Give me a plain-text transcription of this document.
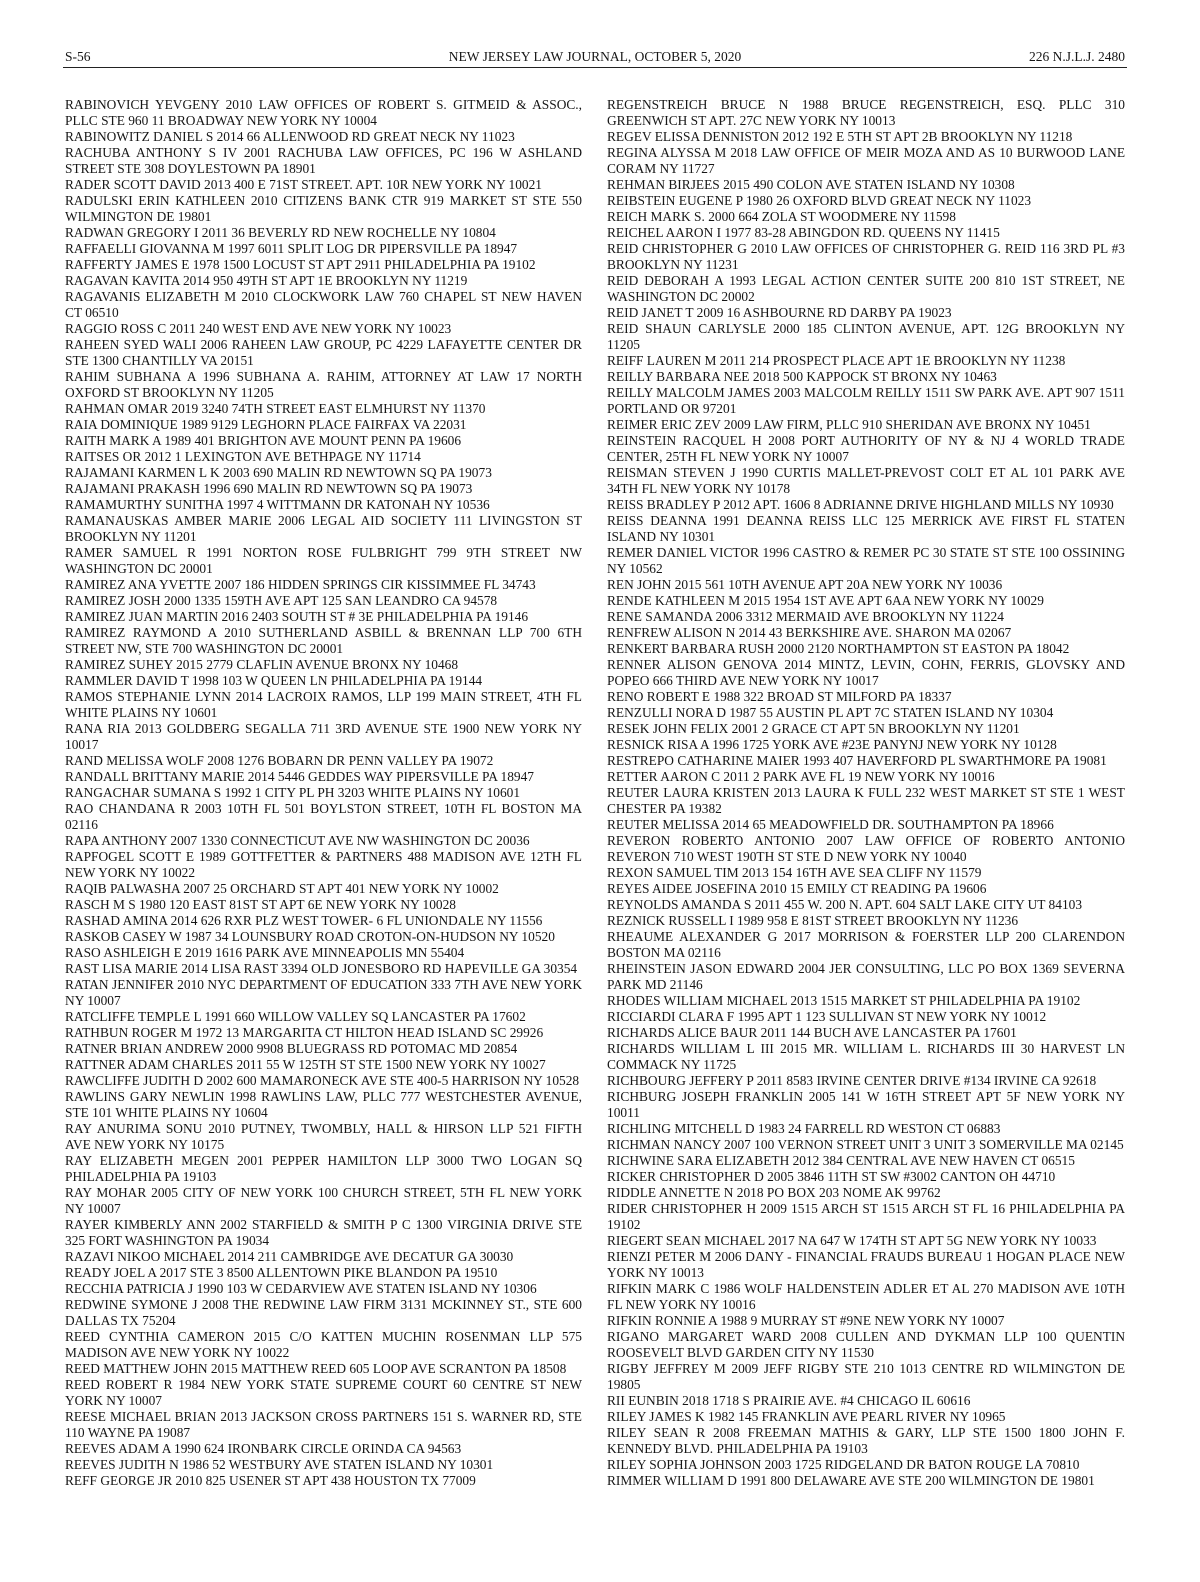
S-56	NEW JERSEY LAW JOURNAL, OCTOBER 5, 2020	226 N.J.L.J. 2480
RABINOVICH YEVGENY 2010 LAW OFFICES OF ROBERT S. GITMEID & ASSOC., PLLC STE 960 11 BROADWAY NEW YORK NY 10004
RABINOWITZ DANIEL S 2014 66 ALLENWOOD RD GREAT NECK NY 11023
RACHUBA ANTHONY S IV 2001 RACHUBA LAW OFFICES, PC 196 W ASHLAND STREET STE 308 DOYLESTOWN PA 18901
RADER SCOTT DAVID 2013 400 E 71ST STREET. APT. 10R NEW YORK NY 10021
RADULSKI ERIN KATHLEEN 2010 CITIZENS BANK CTR 919 MARKET ST STE 550 WILMINGTON DE 19801
RADWAN GREGORY I 2011 36 BEVERLY RD NEW ROCHELLE NY 10804
RAFFAELLI GIOVANNA M 1997 6011 SPLIT LOG DR PIPERSVILLE PA 18947
RAFFERTY JAMES E 1978 1500 LOCUST ST APT 2911 PHILADELPHIA PA 19102
RAGAVAN KAVITA 2014 950 49TH ST APT 1E BROOKLYN NY 11219
RAGAVANIS ELIZABETH M 2010 CLOCKWORK LAW 760 CHAPEL ST NEW HAVEN CT 06510
RAGGIO ROSS C 2011 240 WEST END AVE NEW YORK NY 10023
RAHEEN SYED WALI 2006 RAHEEN LAW GROUP, PC 4229 LAFAYETTE CENTER DR STE 1300 CHANTILLY VA 20151
RAHIM SUBHANA A 1996 SUBHANA A. RAHIM, ATTORNEY AT LAW 17 NORTH OXFORD ST BROOKLYN NY 11205
RAHMAN OMAR 2019 3240 74TH STREET EAST ELMHURST NY 11370
RAIA DOMINIQUE 1989 9129 LEGHORN PLACE FAIRFAX VA 22031
RAITH MARK A 1989 401 BRIGHTON AVE MOUNT PENN PA 19606
RAITSES OR 2012 1 LEXINGTON AVE BETHPAGE NY 11714
RAJAMANI KARMEN L K 2003 690 MALIN RD NEWTOWN SQ PA 19073
RAJAMANI PRAKASH 1996 690 MALIN RD NEWTOWN SQ PA 19073
RAMAMURTHY SUNITHA 1997 4 WITTMANN DR KATONAH NY 10536
RAMANAUSKAS AMBER MARIE 2006 LEGAL AID SOCIETY 111 LIVINGSTON ST BROOKLYN NY 11201
RAMER SAMUEL R 1991 NORTON ROSE FULBRIGHT 799 9TH STREET NW WASHINGTON DC 20001
RAMIREZ ANA YVETTE 2007 186 HIDDEN SPRINGS CIR KISSIMMEE FL 34743
RAMIREZ JOSH 2000 1335 159TH AVE APT 125 SAN LEANDRO CA 94578
RAMIREZ JUAN MARTIN 2016 2403 SOUTH ST # 3E PHILADELPHIA PA 19146
RAMIREZ RAYMOND A 2010 SUTHERLAND ASBILL & BRENNAN LLP 700 6TH STREET NW, STE 700 WASHINGTON DC 20001
RAMIREZ SUHEY 2015 2779 CLAFLIN AVENUE BRONX NY 10468
RAMMLER DAVID T 1998 103 W QUEEN LN PHILADELPHIA PA 19144
RAMOS STEPHANIE LYNN 2014 LACROIX RAMOS, LLP 199 MAIN STREET, 4TH FL WHITE PLAINS NY 10601
RANA RIA 2013 GOLDBERG SEGALLA 711 3RD AVENUE STE 1900 NEW YORK NY 10017
RAND MELISSA WOLF 2008 1276 BOBARN DR PENN VALLEY PA 19072
RANDALL BRITTANY MARIE 2014 5446 GEDDES WAY PIPERSVILLE PA 18947
RANGACHAR SUMANA S 1992 1 CITY PL PH 3203 WHITE PLAINS NY 10601
RAO CHANDANA R 2003 10TH FL 501 BOYLSTON STREET, 10TH FL BOSTON MA 02116
RAPA ANTHONY 2007 1330 CONNECTICUT AVE NW WASHINGTON DC 20036
RAPFOGEL SCOTT E 1989 GOTTFETTER & PARTNERS 488 MADISON AVE 12TH FL NEW YORK NY 10022
RAQIB PALWASHA 2007 25 ORCHARD ST APT 401 NEW YORK NY 10002
RASCH M S 1980 120 EAST 81ST ST APT 6E NEW YORK NY 10028
RASHAD AMINA 2014 626 RXR PLZ WEST TOWER- 6 FL UNIONDALE NY 11556
RASKOB CASEY W 1987 34 LOUNSBURY ROAD CROTON-ON-HUDSON NY 10520
RASO ASHLEIGH E 2019 1616 PARK AVE MINNEAPOLIS MN 55404
RAST LISA MARIE 2014 LISA RAST 3394 OLD JONESBORO RD HAPEVILLE GA 30354
RATAN JENNIFER 2010 NYC DEPARTMENT OF EDUCATION 333 7TH AVE NEW YORK NY 10007
RATCLIFFE TEMPLE L 1991 660 WILLOW VALLEY SQ LANCASTER PA 17602
RATHBUN ROGER M 1972 13 MARGARITA CT HILTON HEAD ISLAND SC 29926
RATNER BRIAN ANDREW 2000 9908 BLUEGRASS RD POTOMAC MD 20854
RATTNER ADAM CHARLES 2011 55 W 125TH ST STE 1500 NEW YORK NY 10027
RAWCLIFFE JUDITH D 2002 600 MAMARONECK AVE STE 400-5 HARRISON NY 10528
RAWLINS GARY NEWLIN 1998 RAWLINS LAW, PLLC 777 WESTCHESTER AVENUE, STE 101 WHITE PLAINS NY 10604
RAY ANURIMA SONU 2010 PUTNEY, TWOMBLY, HALL & HIRSON LLP 521 FIFTH AVE NEW YORK NY 10175
RAY ELIZABETH MEGEN 2001 PEPPER HAMILTON LLP 3000 TWO LOGAN SQ PHILADELPHIA PA 19103
RAY MOHAR 2005 CITY OF NEW YORK 100 CHURCH STREET, 5TH FL NEW YORK NY 10007
RAYER KIMBERLY ANN 2002 STARFIELD & SMITH P C 1300 VIRGINIA DRIVE STE 325 FORT WASHINGTON PA 19034
RAZAVI NIKOO MICHAEL 2014 211 CAMBRIDGE AVE DECATUR GA 30030
READY JOEL A 2017 STE 3 8500 ALLENTOWN PIKE BLANDON PA 19510
RECCHIA PATRICIA J 1990 103 W CEDARVIEW AVE STATEN ISLAND NY 10306
REDWINE SYMONE J 2008 THE REDWINE LAW FIRM 3131 MCKINNEY ST., STE 600 DALLAS TX 75204
REED CYNTHIA CAMERON 2015 C/O KATTEN MUCHIN ROSENMAN LLP 575 MADISON AVE NEW YORK NY 10022
REED MATTHEW JOHN 2015 MATTHEW REED 605 LOOP AVE SCRANTON PA 18508
REED ROBERT R 1984 NEW YORK STATE SUPREME COURT 60 CENTRE ST NEW YORK NY 10007
REESE MICHAEL BRIAN 2013 JACKSON CROSS PARTNERS 151 S. WARNER RD, STE 110 WAYNE PA 19087
REEVES ADAM A 1990 624 IRONBARK CIRCLE ORINDA CA 94563
REEVES JUDITH N 1986 52 WESTBURY AVE STATEN ISLAND NY 10301
REFF GEORGE JR 2010 825 USENER ST APT 438 HOUSTON TX 77009
REGENSTREICH BRUCE N 1988 BRUCE REGENSTREICH, ESQ. PLLC 310 GREENWICH ST APT. 27C NEW YORK NY 10013
REGEV ELISSA DENNISTON 2012 192 E 5TH ST APT 2B BROOKLYN NY 11218
REGINA ALYSSA M 2018 LAW OFFICE OF MEIR MOZA AND AS 10 BURWOOD LANE CORAM NY 11727
REHMAN BIRJEES 2015 490 COLON AVE STATEN ISLAND NY 10308
REIBSTEIN EUGENE P 1980 26 OXFORD BLVD GREAT NECK NY 11023
REICH MARK S. 2000 664 ZOLA ST WOODMERE NY 11598
REICHEL AARON I 1977 83-28 ABINGDON RD. QUEENS NY 11415
REID CHRISTOPHER G 2010 LAW OFFICES OF CHRISTOPHER G. REID 116 3RD PL #3 BROOKLYN NY 11231
REID DEBORAH A 1993 LEGAL ACTION CENTER SUITE 200 810 1ST STREET, NE WASHINGTON DC 20002
REID JANET T 2009 16 ASHBOURNE RD DARBY PA 19023
REID SHAUN CARLYSLE 2000 185 CLINTON AVENUE, APT. 12G BROOKLYN NY 11205
REIFF LAUREN M 2011 214 PROSPECT PLACE APT 1E BROOKLYN NY 11238
REILLY BARBARA NEE 2018 500 KAPPOCK ST BRONX NY 10463
REILLY MALCOLM JAMES 2003 MALCOLM REILLY 1511 SW PARK AVE. APT 907 1511 PORTLAND OR 97201
REIMER ERIC ZEV 2009 LAW FIRM, PLLC 910 SHERIDAN AVE BRONX NY 10451
REINSTEIN RACQUEL H 2008 PORT AUTHORITY OF NY & NJ 4 WORLD TRADE CENTER, 25TH FL NEW YORK NY 10007
REISMAN STEVEN J 1990 CURTIS MALLET-PREVOST COLT ET AL 101 PARK AVE 34TH FL NEW YORK NY 10178
REISS BRADLEY P 2012 APT. 1606 8 ADRIANNE DRIVE HIGHLAND MILLS NY 10930
REISS DEANNA 1991 DEANNA REISS LLC 125 MERRICK AVE FIRST FL STATEN ISLAND NY 10301
REMER DANIEL VICTOR 1996 CASTRO & REMER PC 30 STATE ST STE 100 OSSINING NY 10562
REN JOHN 2015 561 10TH AVENUE APT 20A NEW YORK NY 10036
RENDE KATHLEEN M 2015 1954 1ST AVE APT 6AA NEW YORK NY 10029
RENE SAMANDA 2006 3312 MERMAID AVE BROOKLYN NY 11224
RENFREW ALISON N 2014 43 BERKSHIRE AVE. SHARON MA 02067
RENKERT BARBARA RUSH 2000 2120 NORTHAMPTON ST EASTON PA 18042
RENNER ALISON GENOVA 2014 MINTZ, LEVIN, COHN, FERRIS, GLOVSKY AND POPEO 666 THIRD AVE NEW YORK NY 10017
RENO ROBERT E 1988 322 BROAD ST MILFORD PA 18337
RENZULLI NORA D 1987 55 AUSTIN PL APT 7C STATEN ISLAND NY 10304
RESEK JOHN FELIX 2001 2 GRACE CT APT 5N BROOKLYN NY 11201
RESNICK RISA A 1996 1725 YORK AVE #23E PANYNJ NEW YORK NY 10128
RESTREPO CATHARINE MAIER 1993 407 HAVERFORD PL SWARTHMORE PA 19081
RETTER AARON C 2011 2 PARK AVE FL 19 NEW YORK NY 10016
REUTER LAURA KRISTEN 2013 LAURA K FULL 232 WEST MARKET ST STE 1 WEST CHESTER PA 19382
REUTER MELISSA 2014 65 MEADOWFIELD DR. SOUTHAMPTON PA 18966
REVERON ROBERTO ANTONIO 2007 LAW OFFICE OF ROBERTO ANTONIO REVERON 710 WEST 190TH ST STE D NEW YORK NY 10040
REXON SAMUEL TIM 2013 154 16TH AVE SEA CLIFF NY 11579
REYES AIDEE JOSEFINA 2010 15 EMILY CT READING PA 19606
REYNOLDS AMANDA S 2011 455 W. 200 N. APT. 604 SALT LAKE CITY UT 84103
REZNICK RUSSELL I 1989 958 E 81ST STREET BROOKLYN NY 11236
RHEAUME ALEXANDER G 2017 MORRISON & FOERSTER LLP 200 CLARENDON BOSTON MA 02116
RHEINSTEIN JASON EDWARD 2004 JER CONSULTING, LLC PO BOX 1369 SEVERNA PARK MD 21146
RHODES WILLIAM MICHAEL 2013 1515 MARKET ST PHILADELPHIA PA 19102
RICCIARDI CLARA F 1995 APT 1 123 SULLIVAN ST NEW YORK NY 10012
RICHARDS ALICE BAUR 2011 144 BUCH AVE LANCASTER PA 17601
RICHARDS WILLIAM L III 2015 MR. WILLIAM L. RICHARDS III 30 HARVEST LN COMMACK NY 11725
RICHBOURG JEFFERY P 2011 8583 IRVINE CENTER DRIVE #134 IRVINE CA 92618
RICHBURG JOSEPH FRANKLIN 2005 141 W 16TH STREET APT 5F NEW YORK NY 10011
RICHLING MITCHELL D 1983 24 FARRELL RD WESTON CT 06883
RICHMAN NANCY 2007 100 VERNON STREET UNIT 3 UNIT 3 SOMERVILLE MA 02145
RICHWINE SARA ELIZABETH 2012 384 CENTRAL AVE NEW HAVEN CT 06515
RICKER CHRISTOPHER D 2005 3846 11TH ST SW #3002 CANTON OH 44710
RIDDLE ANNETTE N 2018 PO BOX 203 NOME AK 99762
RIDER CHRISTOPHER H 2009 1515 ARCH ST 1515 ARCH ST FL 16 PHILADELPHIA PA 19102
RIEGERT SEAN MICHAEL 2017 NA 647 W 174TH ST APT 5G NEW YORK NY 10033
RIENZI PETER M 2006 DANY - FINANCIAL FRAUDS BUREAU 1 HOGAN PLACE NEW YORK NY 10013
RIFKIN MARK C 1986 WOLF HALDENSTEIN ADLER ET AL 270 MADISON AVE 10TH FL NEW YORK NY 10016
RIFKIN RONNIE A 1988 9 MURRAY ST #9NE NEW YORK NY 10007
RIGANO MARGARET WARD 2008 CULLEN AND DYKMAN LLP 100 QUENTIN ROOSEVELT BLVD GARDEN CITY NY 11530
RIGBY JEFFREY M 2009 JEFF RIGBY STE 210 1013 CENTRE RD WILMINGTON DE 19805
RII EUNBIN 2018 1718 S PRAIRIE AVE. #4 CHICAGO IL 60616
RILEY JAMES K 1982 145 FRANKLIN AVE PEARL RIVER NY 10965
RILEY SEAN R 2008 FREEMAN MATHIS & GARY, LLP STE 1500 1800 JOHN F. KENNEDY BLVD. PHILADELPHIA PA 19103
RILEY SOPHIA JOHNSON 2003 1725 RIDGELAND DR BATON ROUGE LA 70810
RIMMER WILLIAM D 1991 800 DELAWARE AVE STE 200 WILMINGTON DE 19801
